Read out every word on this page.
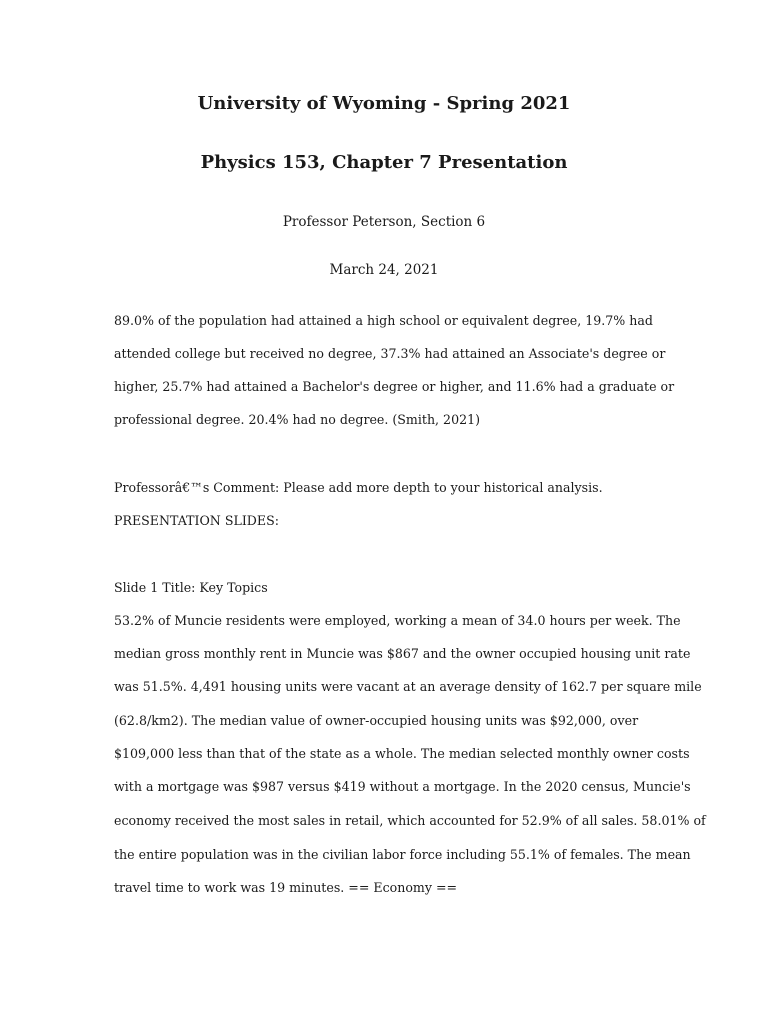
University of Wyoming - Spring 2021
Physics 153, Chapter 7 Presentation

Professor Peterson, Section 6

March 24, 2021

89.0% of the population had attained a high school or equivalent degree, 19.7% had

attended college but received no degree, 37.3% had attained an Associate's degree or

higher, 25.7% had attained a Bachelor's degree or higher, and 11.6% had a graduate or

professional degree. 20.4% had no degree. (Smith, 2021)

Professorâ€™s Comment: Please add more depth to your historical analysis.

PRESENTATION SLIDES:

Slide 1 Title: Key Topics

53.2% of Muncie residents were employed, working a mean of 34.0 hours per week. The

median gross monthly rent in Muncie was $867 and the owner occupied housing unit rate

was 51.5%. 4,491 housing units were vacant at an average density of 162.7 per square mile

(62.8/km2). The median value of owner-occupied housing units was $92,000, over

$109,000 less than that of the state as a whole. The median selected monthly owner costs

with a mortgage was $987 versus $419 without a mortgage. In the 2020 census, Muncie's

economy received the most sales in retail, which accounted for 52.9% of all sales. 58.01% of

the entire population was in the civilian labor force including 55.1% of females. The mean

travel time to work was 19 minutes. == Economy ==
